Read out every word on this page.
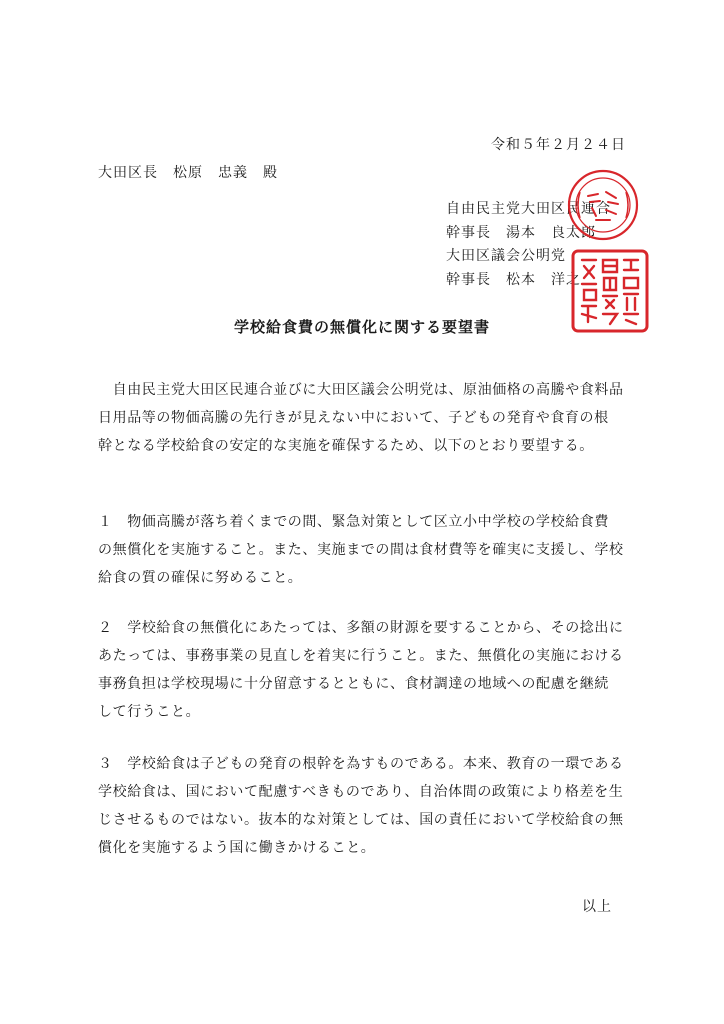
令和５年２月２４日
大田区長　松原　忠義　殿
自由民主党大田区民連合
幹事長　湯本　良太郎
大田区議会公明党
幹事長　松本　洋之
学校給食費の無償化に関する要望書
　自由民主党大田区民連合並びに大田区議会公明党は、原油価格の高騰や食料品
日用品等の物価高騰の先行きが見えない中において、子どもの発育や食育の根
幹となる学校給食の安定的な実施を確保するため、以下のとおり要望する。
１　物価高騰が落ち着くまでの間、緊急対策として区立小中学校の学校給食費
の無償化を実施すること。また、実施までの間は食材費等を確実に支援し、学校
給食の質の確保に努めること。
２　学校給食の無償化にあたっては、多額の財源を要することから、その捻出に
あたっては、事務事業の見直しを着実に行うこと。また、無償化の実施における
事務負担は学校現場に十分留意するとともに、食材調達の地域への配慮を継続
して行うこと。
３　学校給食は子どもの発育の根幹を為すものである。本来、教育の一環である
学校給食は、国において配慮すべきものであり、自治体間の政策により格差を生
じさせるものではない。抜本的な対策としては、国の責任において学校給食の無
償化を実施するよう国に働きかけること。
以上
